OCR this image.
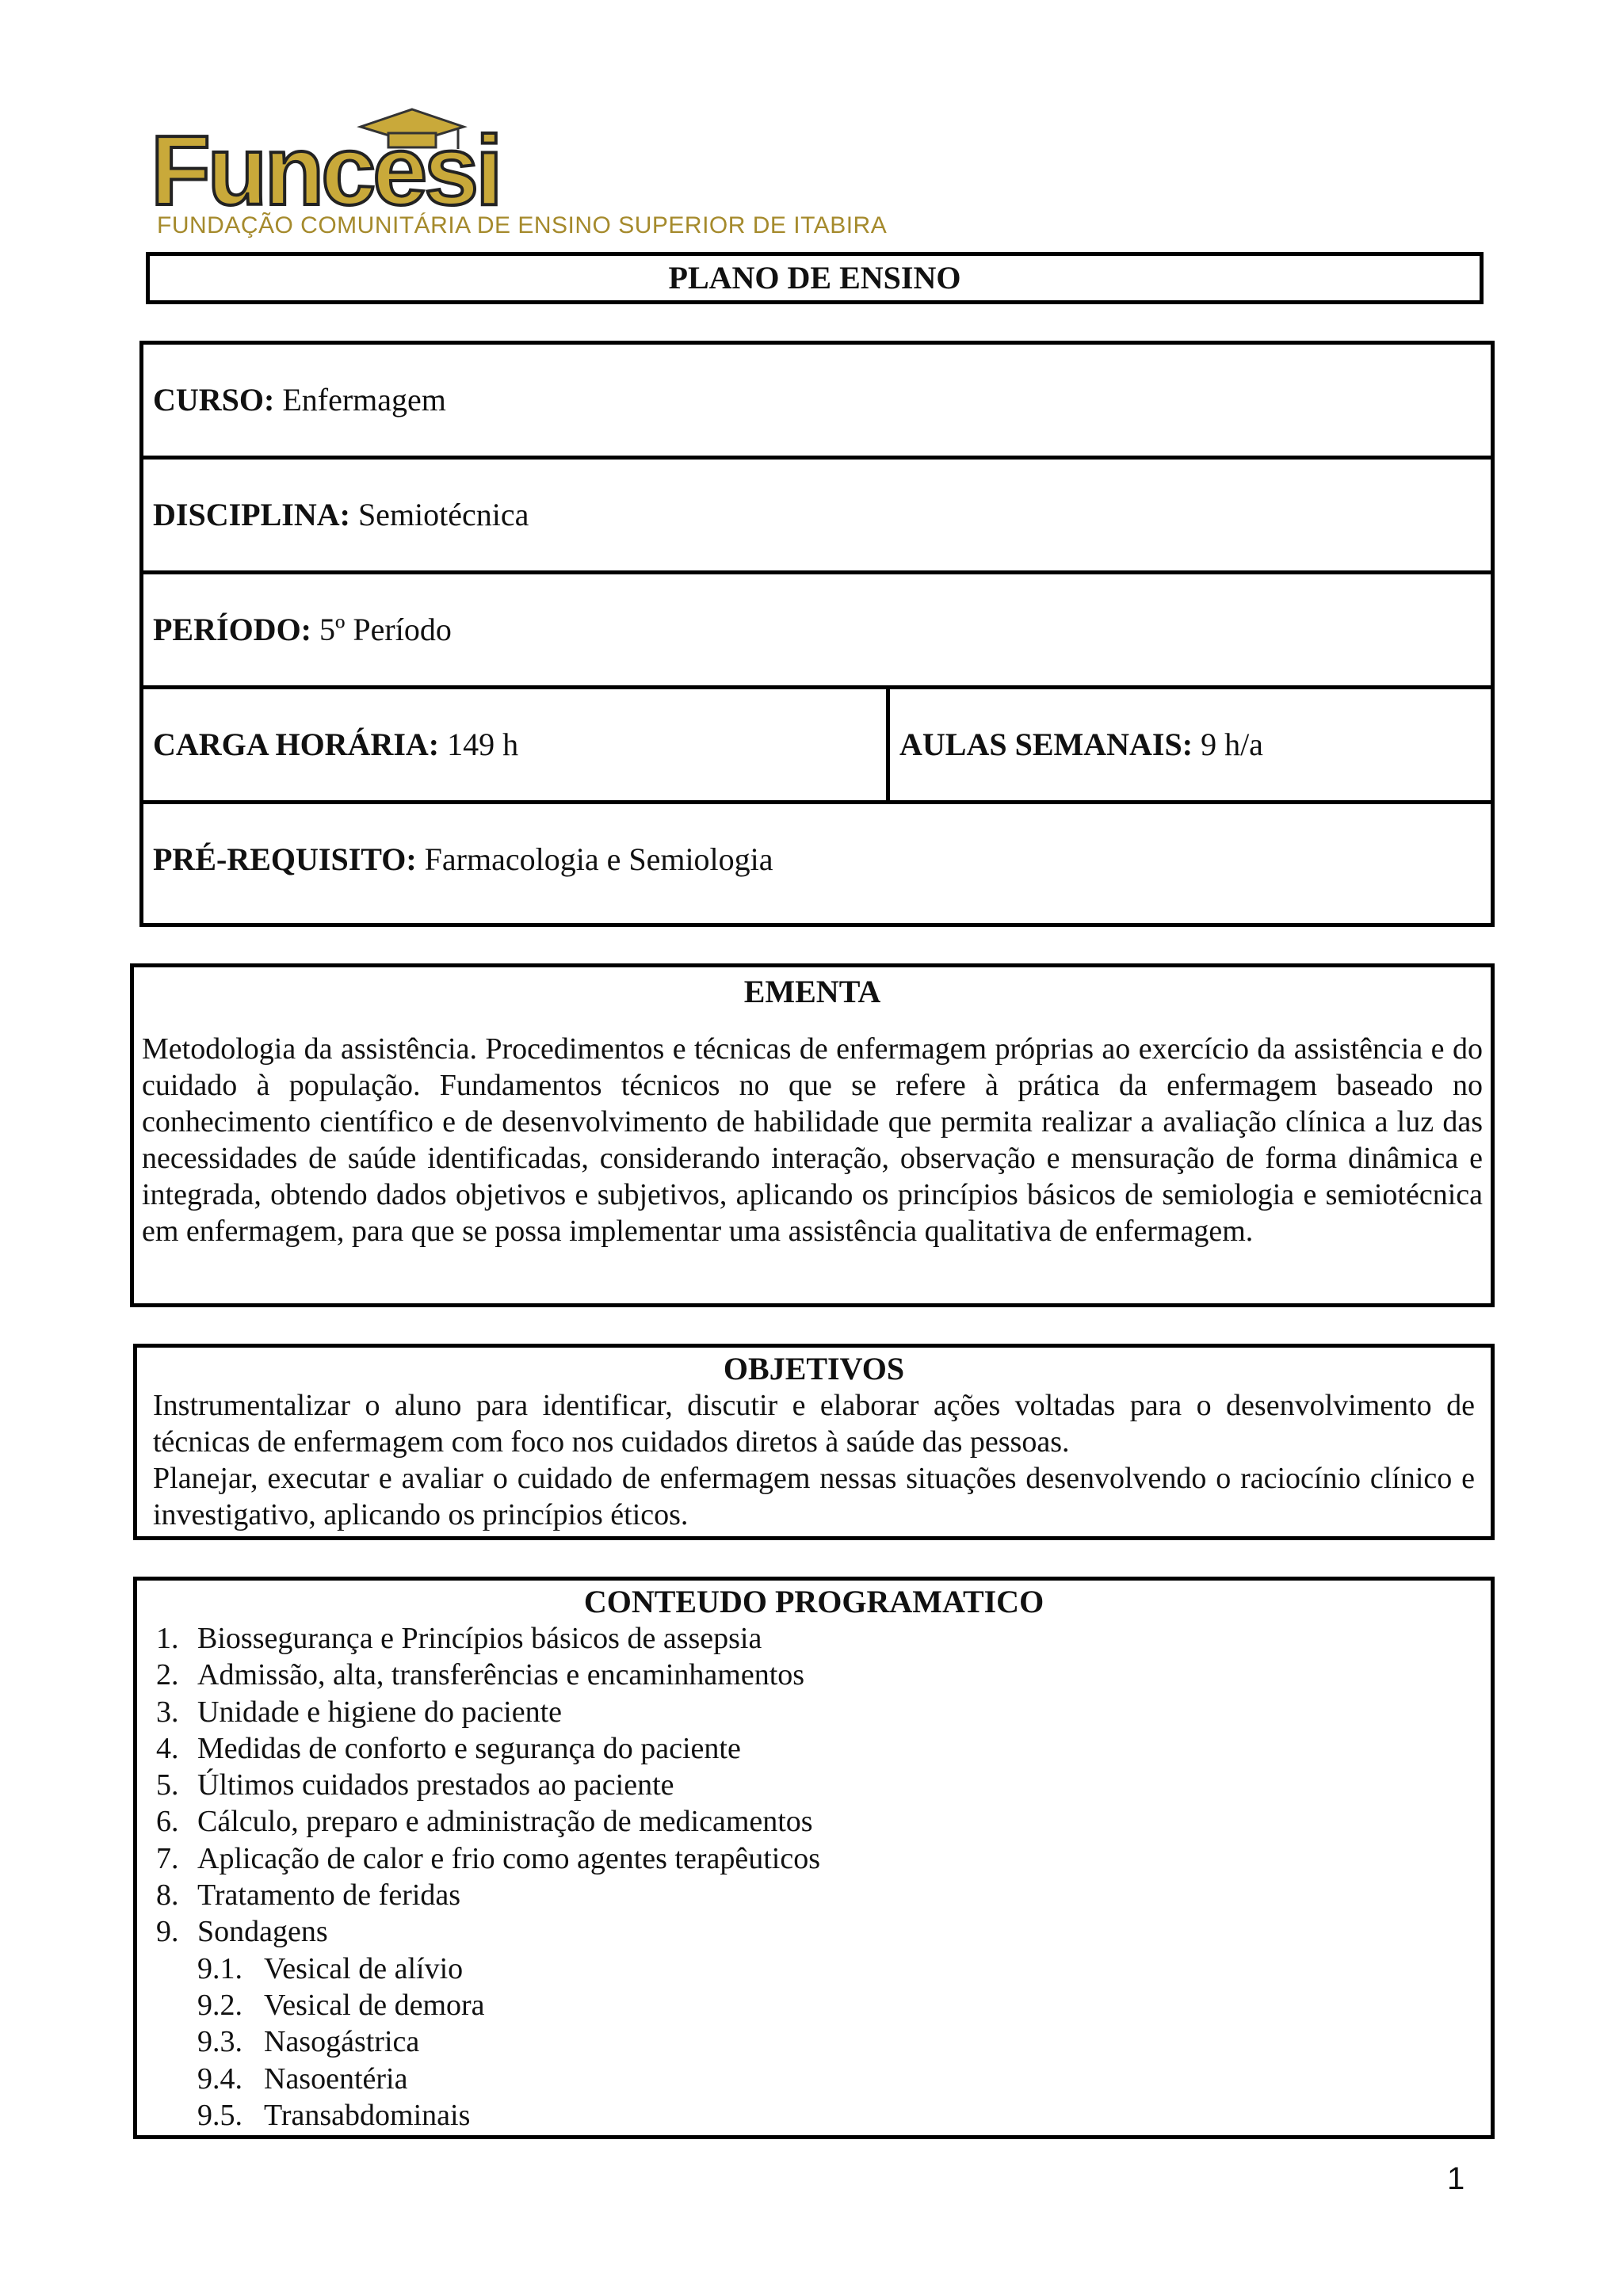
Funcesi
FUNDAÇÃO COMUNITÁRIA DE ENSINO SUPERIOR DE ITABIRA
PLANO DE ENSINO
CURSO: Enfermagem
DISCIPLINA: Semiotécnica
PERÍODO: 5º Período
CARGA HORÁRIA: 149 h	AULAS SEMANAIS: 9 h/a
PRÉ-REQUISITO: Farmacologia e Semiologia
EMENTA

Metodologia da assistência. Procedimentos e técnicas de enfermagem próprias ao exercício da assistência e do cuidado à população. Fundamentos técnicos no que se refere à prática da enfermagem baseado no conhecimento científico e de desenvolvimento de habilidade que permita realizar a avaliação clínica a luz das necessidades de saúde identificadas, considerando interação, observação e mensuração de forma dinâmica e integrada, obtendo dados objetivos e subjetivos, aplicando os princípios básicos de semiologia e semiotécnica em enfermagem, para que se possa implementar uma assistência qualitativa de enfermagem.

OBJETIVOS

Instrumentalizar o aluno para identificar, discutir e elaborar ações voltadas para o desenvolvimento de técnicas de enfermagem com foco nos cuidados diretos à saúde das pessoas.

Planejar, executar e avaliar o cuidado de enfermagem nessas situações desenvolvendo o raciocínio clínico e investigativo, aplicando os princípios éticos.

CONTEUDO PROGRAMATICO
1. Biossegurança e Princípios básicos de assepsia
2. Admissão, alta, transferências e encaminhamentos
3. Unidade e higiene do paciente
4. Medidas de conforto e segurança do paciente
5. Últimos cuidados prestados ao paciente
6. Cálculo, preparo e administração de medicamentos
7. Aplicação de calor e frio como agentes terapêuticos
8. Tratamento de feridas
9. Sondagens
9.1. Vesical de alívio
9.2. Vesical de demora
9.3. Nasogástrica
9.4. Nasoentéria
9.5. Transabdominais
1
